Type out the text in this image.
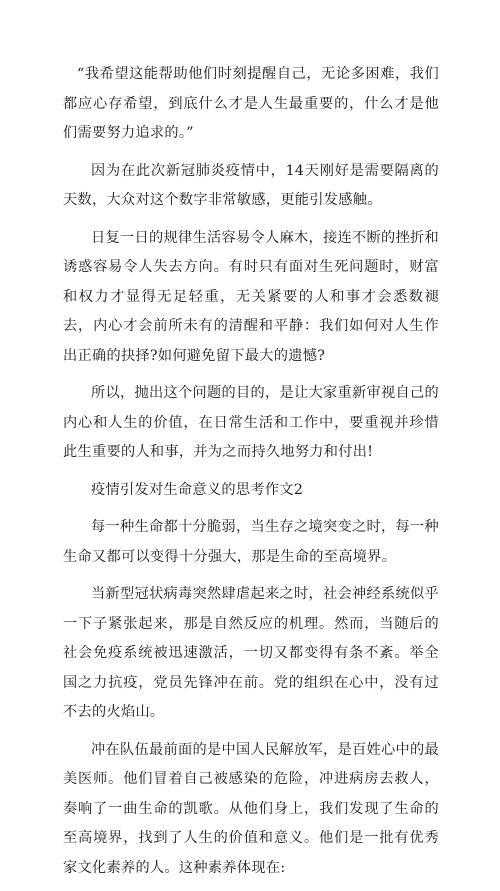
“我希望这能帮助他们时刻提醒自己，无论多困难，我们都应心存希望，到底什么才是人生最重要的，什么才是他们需要努力追求的。”

因为在此次新冠肺炎疫情中，14天刚好是需要隔离的天数，大众对这个数字非常敏感，更能引发感触。

日复一日的规律生活容易令人麻木，接连不断的挫折和诱惑容易令人失去方向。有时只有面对生死问题时，财富和权力才显得无足轻重，无关紧要的人和事才会悉数褪去，内心才会前所未有的清醒和平静：我们如何对人生作出正确的抉择?如何避免留下最大的遗憾?

所以，抛出这个问题的目的，是让大家重新审视自己的内心和人生的价值，在日常生活和工作中，要重视并珍惜此生重要的人和事，并为之而持久地努力和付出!

疫情引发对生命意义的思考作文2

每一种生命都十分脆弱，当生存之境突变之时，每一种生命又都可以变得十分强大，那是生命的至高境界。

当新型冠状病毒突然肆虐起来之时，社会神经系统似乎一下子紧张起来，那是自然反应的机理。然而，当随后的社会免疫系统被迅速激活，一切又都变得有条不紊。举全国之力抗疫，党员先锋冲在前。党的组织在心中，没有过不去的火焰山。

冲在队伍最前面的是中国人民解放军，是百姓心中的最美医师。他们冒着自己被感染的危险，冲进病房去救人，奏响了一曲生命的凯歌。从他们身上，我们发现了生命的至高境界，找到了人生的价值和意义。他们是一批有优秀家文化素养的人。这种素养体现在:
